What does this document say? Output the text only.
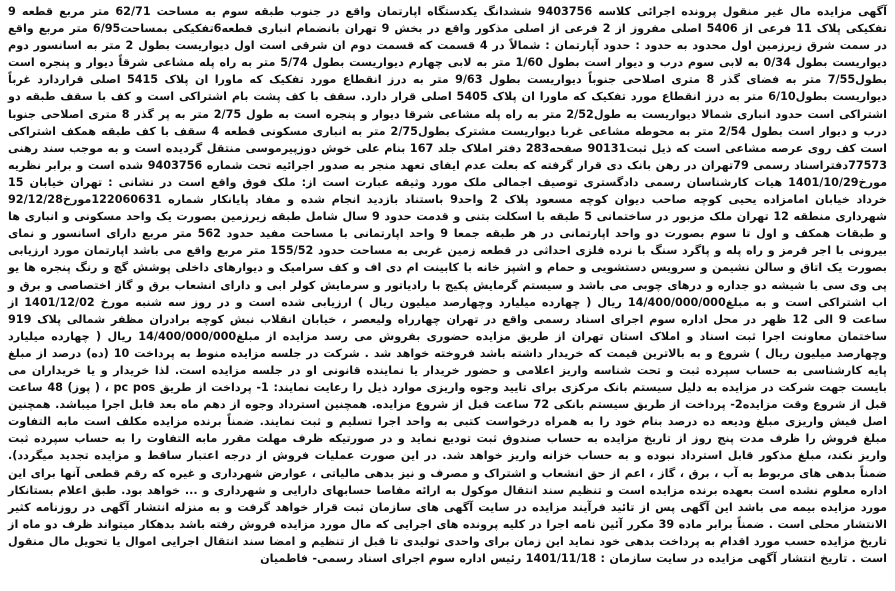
آگهی مزایده مال غیر منقول پرونده اجرائی کلاسه 9403756 ششدانگ یکدستگاه اپارتمان واقع در جنوب طبقه سوم به مساحت 62/71 متر مربع قطعه 9 تفکیکی پلاک 11 فرعی از 5406 اصلی مفروز از 2 فرعی از اصلی مذکور واقع در بخش 9 تهران بانضمام انباری قطعه6تفکیکی بمساحت6/95 متر مربع واقع در سمت شرق زیرزمین اول محدود به حدود : حدود آپارتمان : شمالاً در 4 قسمت که قسمت دوم ان شرقی است اول دیواریست بطول 2 متر به اسانسور دوم دیواریست بطول 0/34 به لابی سوم درب و دیوار است بطول 1/60 متر به لابی چهارم دیواریست بطول 5/74 متر به راه پله مشاعی شرقاً دیوار و پنجره است بطول7/55 متر به فضای گذر 8 متری اصلاحی جنوباً دیواریست بطول 9/63 متر به درز انقطاع مورد تفکیک که ماورا ان پلاک 5415 اصلی قراردارد غرباً دیواریست بطول6/10 متر به درز انقطاع مورد تفکیک که ماورا ان پلاک 5405 اصلی قرار دارد. سقف با کف پشت بام اشتراکی است و کف با سقف طبقه دو اشتراکی است حدود انباری شمالا دیواریست به طول2/52 متر به راه پله مشاعی شرقا دیوار و پنجره است به طول 2/75 متر به پر گذر 8 متری اصلاحی جنوبا درب و دیوار است بطول 2/54 متر به محوطه مشاعی غربا دیواریست مشترک بطول2/75 متر به انباری مسکونی قطعه 4 سقف با کف طبقه همکف اشتراکی است کف روی عرصه مشاعی است که ذیل ثبت90131 صفحه283 دفتر املاک جلد 167 بنام علی خوش دوزپیرموسی منتقل گردیده است و به موجب سند رهنی 77573دفتراسناد رسمی 79تهران در رهن بانک دی قرار گرفته که بعلت عدم ایفای تعهد منجر به صدور اجرائیه تحت شماره 9403756 شده است و برابر نظریه مورخ1401/10/29 هیات کارشناسان رسمی دادگستری توصیف اجمالی ملک مورد وثیقه عبارت است از: ملک فوق واقع است در نشانی : تهران خیابان 15 خرداد خیابان امامزاده یحیی کوچه صاحب دیوان کوچه مسعود پلاک 2 واحد9 باستناد بازدید انجام شده و مفاد پایانکار شماره 122060631مورخ92/12/28 شهرداری منطقه 12 تهران ملک مزبور در ساختمانی 5 طبقه با اسکلت بتنی و قدمت حدود 9 سال شامل طبقه زیرزمین بصورت یک واحد مسکونی و انباری ها و طبقات همکف و اول تا سوم بصورت دو واحد اپارتمانی در هر طبقه جمعا 9 واحد اپارتمانی با مساحت مفید حدود 562 متر مربع دارای اسانسور و نمای بیرونی با اجر قرمز و راه پله و پاگرد سنگ با نرده فلزی احداثی در قطعه زمین غربی به مساحت حدود 155/52 متر مربع واقع می باشد اپارتمان مورد ارزیابی بصورت یک اتاق و سالن نشیمن و سرویس دستشویی و حمام و اشپز خانه با کابینت ام دی اف و کف سرامیک و دیوارهای داخلی پوشش گچ و رنگ پنجره ها یو پی وی سی با شیشه دو جداره و درهای چوبی می باشد و سیستم گرمایش پکیج با رادیاتور و سرمایش کولر ابی و دارای انشعاب برق و گاز اختصاصی و برق و اب اشتراکی است و به مبلغ14/400/000/000 ریال ( چهارده میلیارد وچهارصد میلیون ریال ) ارزیابی شده است و در روز سه شنبه مورخ 1401/12/02 از ساعت 9 الی 12 ظهر در محل اداره سوم اجرای اسناد رسمی واقع در تهران چهارراه ولیعصر ، خیابان انقلاب نبش کوچه برادران مظفر شمالی پلاک 919 ساختمان معاونت اجرا ثبت اسناد و املاک استان تهران از طریق مزایده حضوری بفروش می رسد مزایده از مبلغ14/400/000/000 ریال ( چهارده میلیارد وچهارصد میلیون ریال ) شروع و به بالاترین قیمت که خریدار داشته باشد فروخته خواهد شد . شرکت در جلسه مزایده منوط به پرداخت 10 (ده) درصد از مبلغ پایه کارشناسی به حساب سپرده ثبت و تحت شناسه واریز اعلامی و حضور خریدار یا نماینده قانونی او در جلسه مزایده است. لذا خریدار و یا خریداران می بایست جهت شرکت در مزایده به دلیل سیستم بانک مرکزی برای تایید وجوه واریزی موارد ذیل را رعایت نمایند: 1- پرداخت از طریق pc pos ، ( پوز) 48 ساعت قبل از شروع وقت مزایده2- پرداخت از طریق سیستم بانکی 72 ساعت قبل از شروع مزایده. همچنین استرداد وجوه از دهم ماه بعد قابل اجرا میباشد. همچنین اصل فیش واریزی مبلغ ودیعه ده درصد بنام خود را به همراه درخواست کتبی به واحد اجرا تسلیم و ثبت نمایند. ضمناً برنده مزایده مکلف است مابه التفاوت مبلغ فروش را ظرف مدت پنج روز از تاریخ مزایده به حساب صندوق ثبت تودیع نماید و در صورتیکه ظرف مهلت مقرر مابه التفاوت را به حساب سپرده ثبت واریز نکند، مبلغ مذکور قابل استرداد نبوده و به حساب خزانه واریز خواهد شد. در این صورت عملیات فروش از درجه اعتبار ساقط و مزایده تجدید میگردد). ضمناً بدهی های مربوط به آب ، برق ، گاز ، اعم از حق انشعاب و اشتراک و مصرف و نیز بدهی مالیاتی ، عوارض شهرداری و غیره که رقم قطعی آنها برای این اداره معلوم نشده است بعهده برنده مزایده است و تنظیم سند انتقال موکول به ارائه مفاصا حسابهای دارایی و شهرداری و ... خواهد بود. طبق اعلام بستانکار مورد مزایده بیمه می باشد این آگهی پس از تائید فرآیند مزایده در سایت آگهی های سازمان ثبت قرار خواهد گرفت و به منزله انتشار آگهی در روزنامه کثیر الانتشار محلی است . ضمناً برابر ماده 39 مکرر آئین نامه اجرا در کلیه پرونده های اجرایی که مال مورد مزایده فروش رفته باشد بدهکار میتواند ظرف دو ماه از تاریخ مزایده حسب مورد اقدام به پرداخت بدهی خود نماید این زمان برای واحدی تولیدی تا قبل از تنظیم و امضا سند انتقال اجرایی اموال یا تحویل مال منقول است . تاریخ انتشار آگهی مزایده در سایت سازمان : 1401/11/18 رئیس اداره سوم اجرای اسناد رسمی- فاطمیان
